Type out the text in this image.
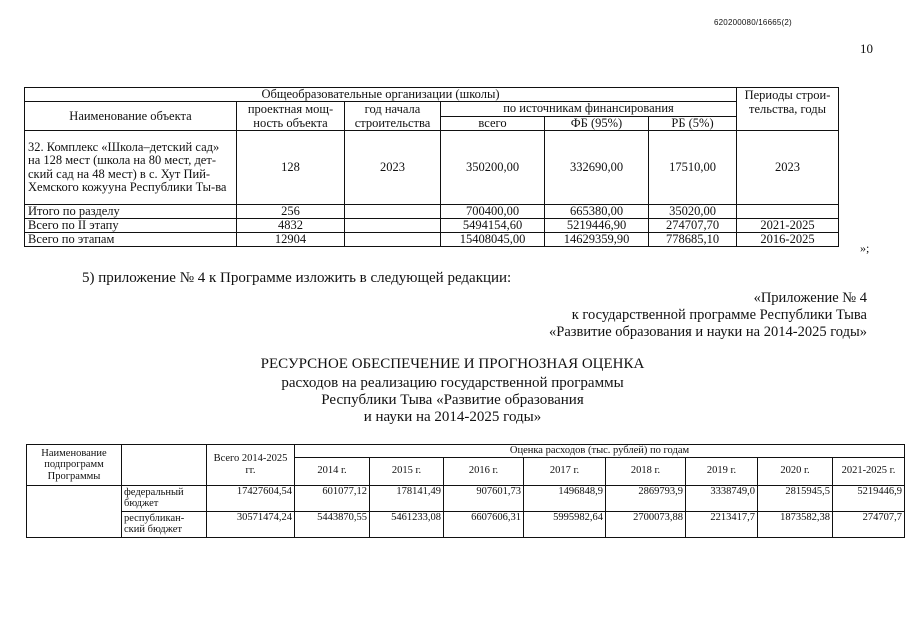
620200080/16665(2)
10
Общеобразовательные организации (школы)						Периоды строи-тельства, годы
Наименование объекта	проектная мощ-ность объекта	год начала строительства	по источникам финансирования			
			всего	ФБ (95%)	РБ (5%)	
32. Комплекс «Школа–детский сад» на 128 мест (школа на 80 мест, дет-ский сад на 48 мест) в с. Хут Пий-Хемского кожууна Республики Ты-ва	128	2023	350200,00	332690,00	17510,00	2023
Итого по разделу	256		700400,00	665380,00	35020,00	
Всего по II этапу	4832		5494154,60	5219446,90	274707,70	2021-2025
Всего по этапам	12904		15408045,00	14629359,90	778685,10	2016-2025
»;
5) приложение № 4 к Программе изложить в следующей редакции:
«Приложение № 4
к государственной программе Республики Тыва
«Развитие образования и науки на 2014-2025 годы»
РЕСУРСНОЕ ОБЕСПЕЧЕНИЕ И ПРОГНОЗНАЯ ОЦЕНКА
расходов на реализацию государственной программы
Республики Тыва «Развитие образования
и науки на 2014-2025 годы»
Наименование подпрограмм Программы		Всего 2014-2025 гг.	Оценка расходов (тыс. рублей) по годам							
			2014 г.	2015 г.	2016 г.	2017 г.	2018 г.	2019 г.	2020 г.	2021-2025 г.
	федеральный бюджет	17427604,54	601077,12	178141,49	907601,73	1496848,9	2869793,9	3338749,0	2815945,5	5219446,9
	республикан-ский бюджет	30571474,24	5443870,55	5461233,08	6607606,31	5995982,64	2700073,88	2213417,7	1873582,38	274707,7
